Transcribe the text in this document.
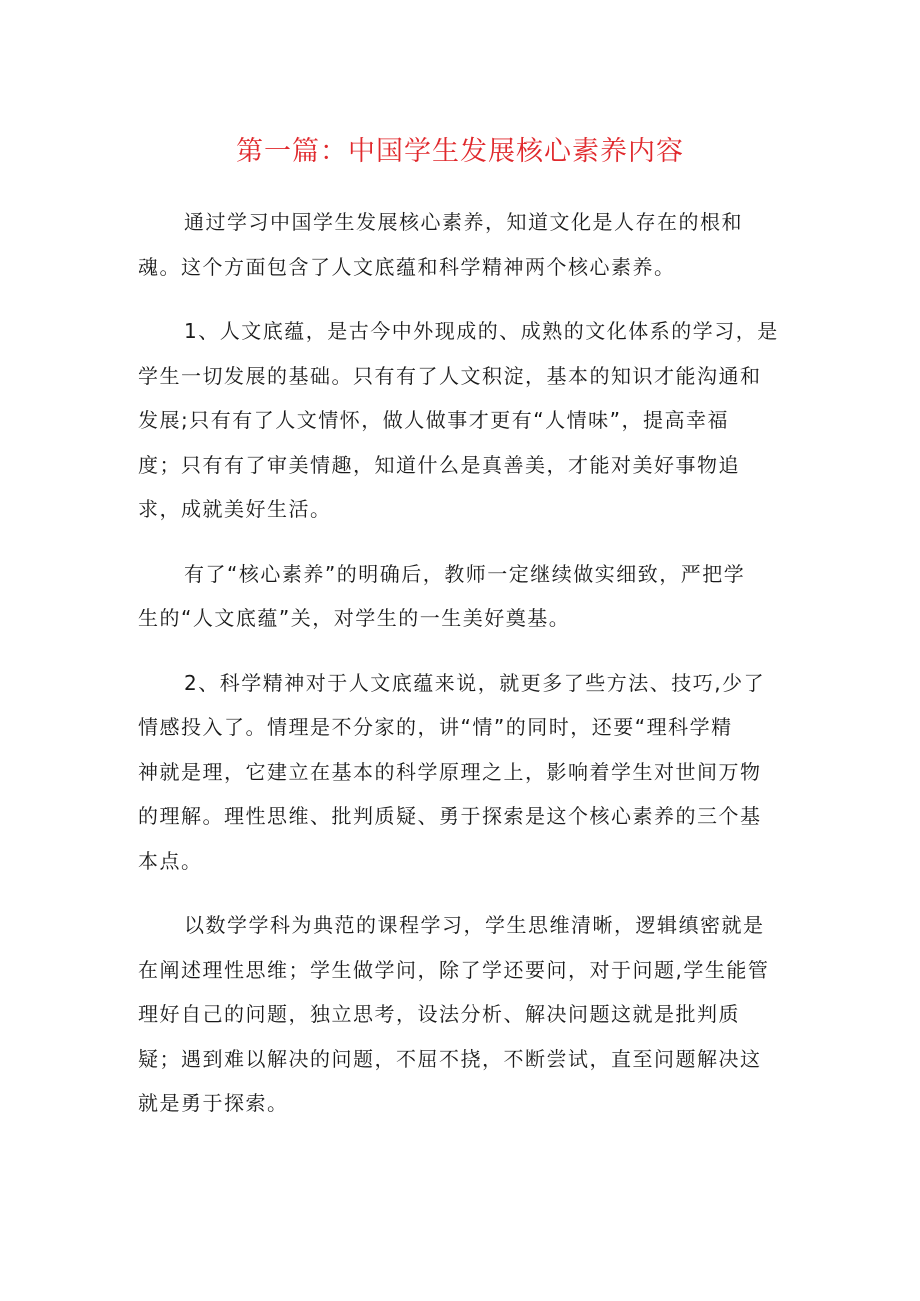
第一篇：中国学生发展核心素养内容

通过学习中国学生发展核心素养，知道文化是人存在的根和
魂。这个方面包含了人文底蕴和科学精神两个核心素养。

1、人文底蕴，是古今中外现成的、成熟的文化体系的学习，是
学生一切发展的基础。只有有了人文积淀，基本的知识才能沟通和
发展;只有有了人文情怀，做人做事才更有“人情味”，提高幸福
度；只有有了审美情趣，知道什么是真善美，才能对美好事物追
求，成就美好生活。

有了“核心素养”的明确后，教师一定继续做实细致，严把学
生的“人文底蕴”关，对学生的一生美好奠基。

2、科学精神对于人文底蕴来说，就更多了些方法、技巧,少了
情感投入了。情理是不分家的，讲“情”的同时，还要“理科学精
神就是理，它建立在基本的科学原理之上，影响着学生对世间万物
的理解。理性思维、批判质疑、勇于探索是这个核心素养的三个基
本点。

以数学学科为典范的课程学习，学生思维清晰，逻辑缜密就是
在阐述理性思维；学生做学问，除了学还要问，对于问题,学生能管
理好自己的问题，独立思考，设法分析、解决问题这就是批判质
疑；遇到难以解决的问题，不屈不挠，不断尝试，直至问题解决这
就是勇于探索。
